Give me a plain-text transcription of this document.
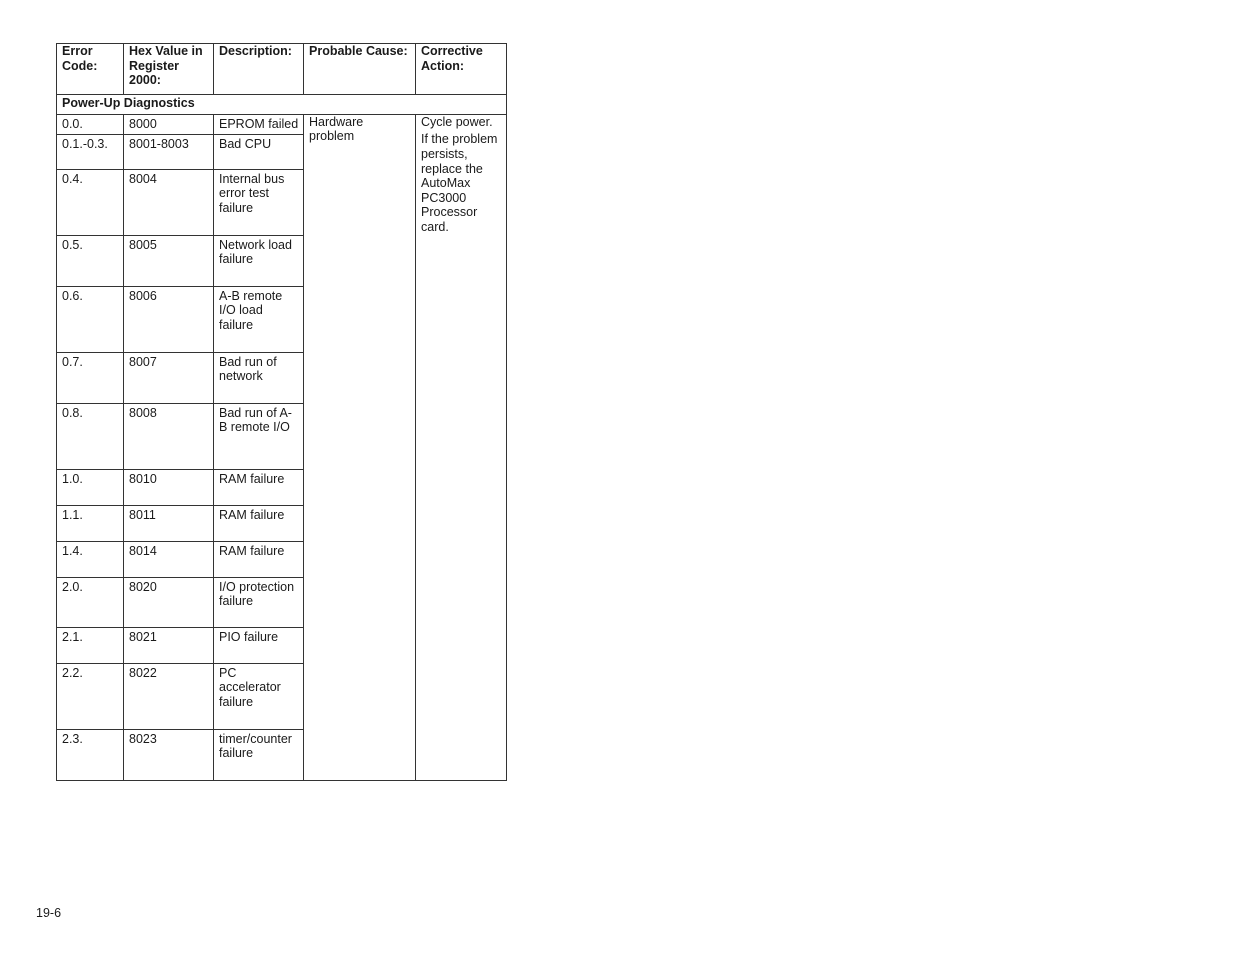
Error Code:	Hex Value in Register 2000:	Description:	Probable Cause:	Corrective Action:
Power-Up Diagnostics				
0.0.	8000	EPROM failed	Hardware problem	Cycle power.
If the problem persists, replace the AutoMax PC3000 Processor card.

0.1.-0.3.	8001-8003	Bad CPU		
0.4.	8004	Internal bus error test failure		
0.5.	8005	Network load failure		
0.6.	8006	A-B remote I/O load failure		
0.7.	8007	Bad run of network		
0.8.	8008	Bad run of A-B remote I/O		
1.0.	8010	RAM failure		
1.1.	8011	RAM failure		
1.4.	8014	RAM failure		
2.0.	8020	I/O protection failure		
2.1.	8021	PIO failure		
2.2.	8022	PC accelerator failure		
2.3.	8023	timer/counter failure		
19-6
